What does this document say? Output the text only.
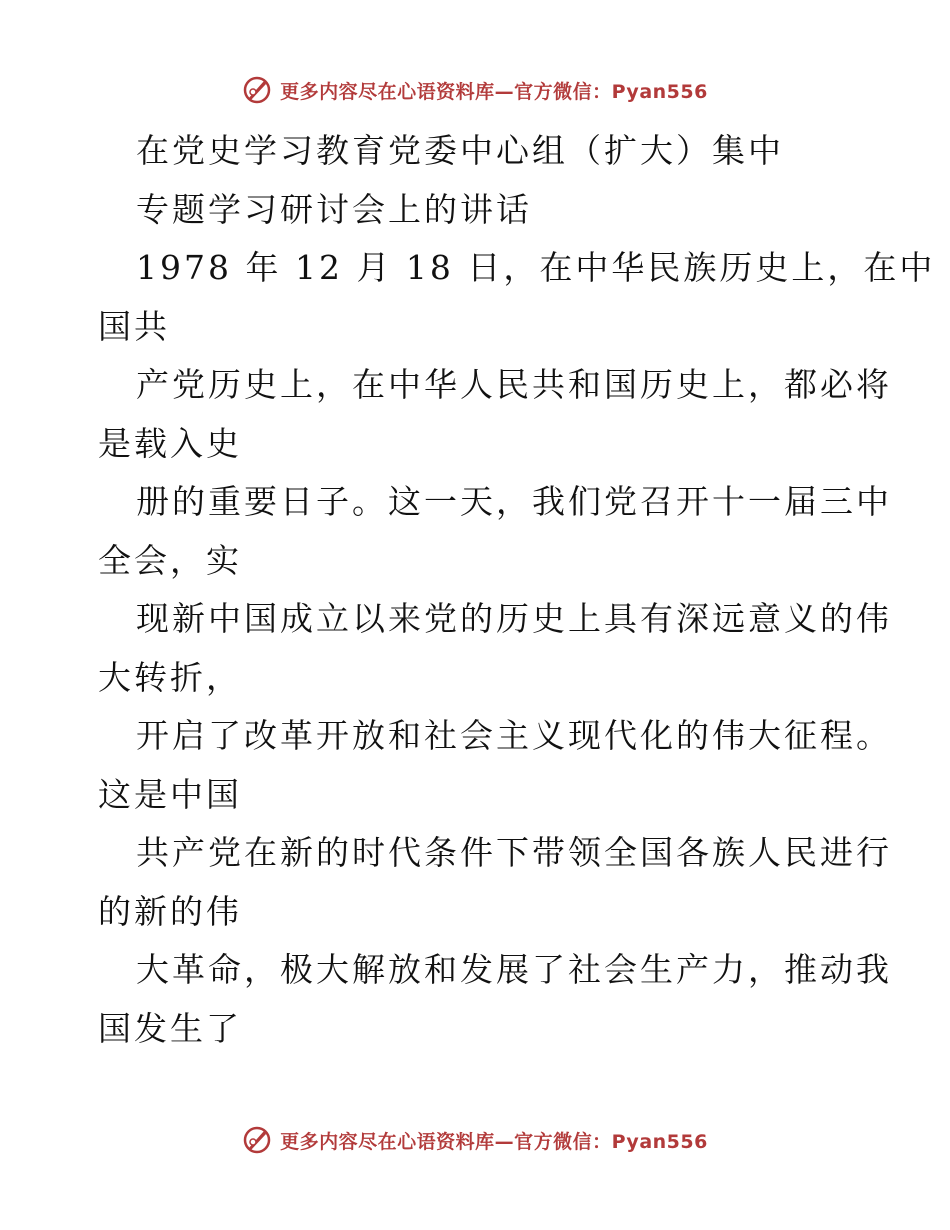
更多内容尽在心语资料库—官方微信：Pyan556
在党史学习教育党委中心组（扩大）集中
专题学习研讨会上的讲话
1978 年 12 月 18 日，在中华民族历史上，在中
国共
产党历史上，在中华人民共和国历史上，都必将
是载入史
册的重要日子。这一天，我们党召开十一届三中
全会，实
现新中国成立以来党的历史上具有深远意义的伟
大转折，
开启了改革开放和社会主义现代化的伟大征程。
这是中国
共产党在新的时代条件下带领全国各族人民进行
的新的伟
大革命，极大解放和发展了社会生产力，推动我
国发生了
更多内容尽在心语资料库—官方微信：Pyan556
